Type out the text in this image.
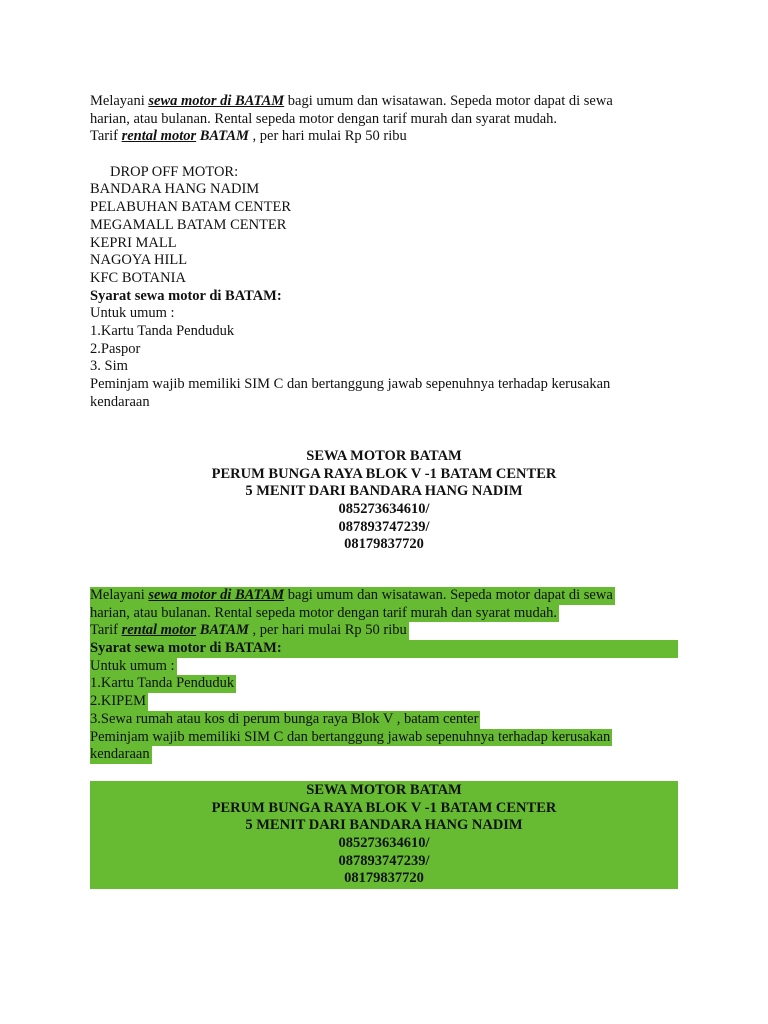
Melayani sewa motor di BATAM bagi umum dan wisatawan. Sepeda motor dapat di sewa
harian, atau bulanan. Rental sepeda motor dengan tarif murah dan syarat mudah.
Tarif rental motor BATAM , per hari mulai Rp 50 ribu
DROP OFF MOTOR:
BANDARA HANG NADIM
PELABUHAN BATAM CENTER
MEGAMALL BATAM CENTER
KEPRI MALL
NAGOYA HILL
KFC BOTANIA
Syarat sewa motor di BATAM:
Untuk umum :
1.Kartu Tanda Penduduk
2.Paspor
3. Sim
Peminjam wajib memiliki SIM C dan bertanggung jawab sepenuhnya terhadap kerusakan
kendaraan
SEWA MOTOR BATAM
PERUM BUNGA RAYA BLOK V -1 BATAM CENTER
5 MENIT DARI BANDARA HANG NADIM
085273634610/
087893747239/
08179837720
Melayani sewa motor di BATAM bagi umum dan wisatawan. Sepeda motor dapat di sewa
harian, atau bulanan. Rental sepeda motor dengan tarif murah dan syarat mudah.
Tarif rental motor BATAM , per hari mulai Rp 50 ribu
Syarat sewa motor di BATAM:
Untuk umum :
1.Kartu Tanda Penduduk
2.KIPEM
3.Sewa rumah atau kos di perum bunga raya Blok V , batam center
Peminjam wajib memiliki SIM C dan bertanggung jawab sepenuhnya terhadap kerusakan
kendaraan
SEWA MOTOR BATAM
PERUM BUNGA RAYA BLOK V -1 BATAM CENTER
5 MENIT DARI BANDARA HANG NADIM
085273634610/
087893747239/
08179837720
